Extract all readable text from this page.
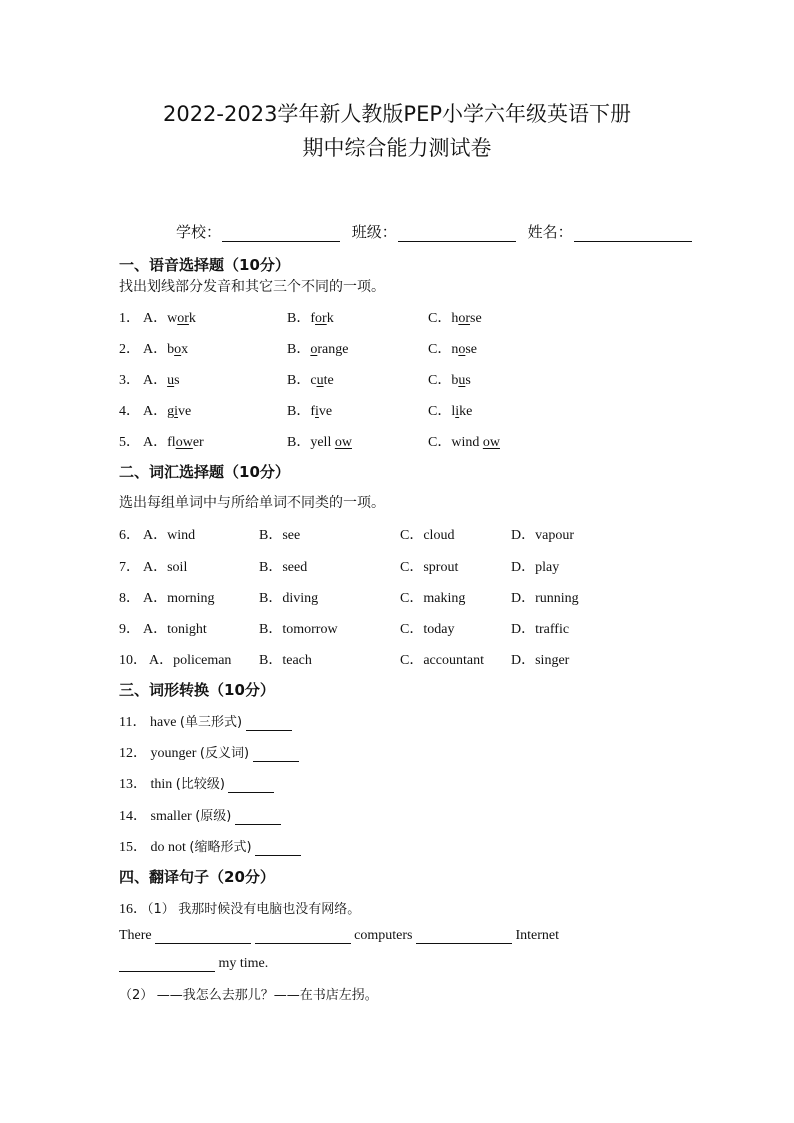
2022-2023学年新人教版PEP小学六年级英语下册
期中综合能力测试卷
学校：	班级：	姓名：
一、语音选择题（10分）
找出划线部分发音和其它三个不同的一项。
1． A．work	B．fork	C．horse
2． A．box	B．orange	C．nose
3． A．us	B．cute	C．bus
4． A．give	B．five	C．like
5． A．flower	B．yell ow	C．wind ow
二、词汇选择题（10分）
选出每组单词中与所给单词不同类的一项。
6． A．wind	B．see	C．cloud	D．vapour
7． A．soil	B．seed	C．sprout	D．play
8． A．morning	B．diving	C．making	D．running
9． A．tonight	B．tomorrow	C．today	D．traffic
10． A．policeman B．teach	C．accountant D．singer
三、词形转换（10分）
11． have (单三形式)
12． younger (反义词)
13． thin (比较级)
14． smaller (原级)
15． do not (缩略形式)
四、翻译句子（20分）
16．（1） 我那时候没有电脑也没有网络。
There	computers	Internet
my time.
（2） ——我怎么去那儿？——在书店左拐。
